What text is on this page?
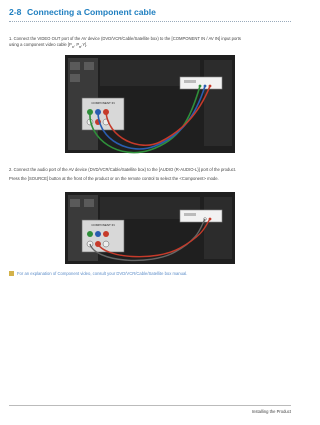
2-8 Connecting a Component cable
1. Connect the VIDEO OUT port of the AV device (DVD/VCR/Cable/Satellite box) to the [COMPONENT IN / AV IN] input ports
using a component video cable [$P_R$, $P_B,Y$].
COMPONENT IN
COMPONENT IN
2. Connect the audio port of the AV device (DVD/VCR/Cable/Satellite box) to the [AUDIO (R-AUDIO-L)] port of the product.
Press the [SOURCE] button at the front of the product or on the remote control to select the <Component> mode.
For an explanation of Component video, consult your DVD/VCR/Cable/Satellite box manual.
Installing the Product
